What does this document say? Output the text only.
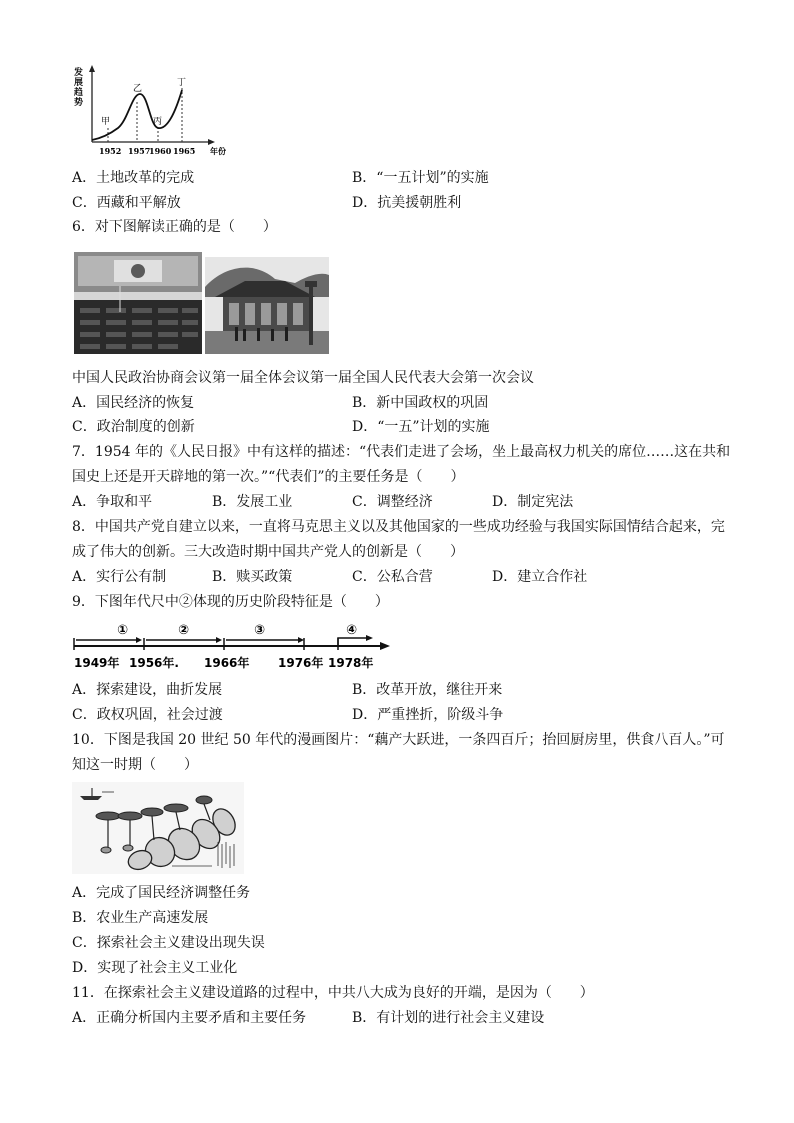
甲
乙
丙
丁
1952 1957
1960 1965 年份
发展趋势
A．土地改革的完成	B．“一五计划”的实施
C．西藏和平解放	D．抗美援朝胜利
6．对下图解读正确的是（　　）
中国人民政治协商会议第一届全体会议第一届全国人民代表大会第一次会议
A．国民经济的恢复	B．新中国政权的巩固
C．政治制度的创新	D．“一五”计划的实施
7．1954 年的《人民日报》中有这样的描述：“代表们走进了会场，坐上最高权力机关的席位……这在共和
国史上还是开天辟地的第一次。”“代表们”的主要任务是（　　）
A．争取和平	B．发展工业	C．调整经济	D．制定宪法
8．中国共产党自建立以来，一直将马克思主义以及其他国家的一些成功经验与我国实际国情结合起来，完
成了伟大的创新。三大改造时期中国共产党人的创新是（　　）
A．实行公有制	B．赎买政策	C．公私合营	D．建立合作社
9．下图年代尺中②体现的历史阶段特征是（　　）
①	②	③	④
1949年 1956年. 1966年 1976年 1978年
A．探索建设，曲折发展	B．改革开放，继往开来
C．政权巩固，社会过渡	D．严重挫折，阶级斗争
10．下图是我国 20 世纪 50 年代的漫画图片：“藕产大跃进，一条四百斤；抬回厨房里，供食八百人。”可
知这一时期（　　）
A．完成了国民经济调整任务
B．农业生产高速发展
C．探索社会主义建设出现失误
D．实现了社会主义工业化
11．在探索社会主义建设道路的过程中，中共八大成为良好的开端，是因为（　　）
A．正确分析国内主要矛盾和主要任务	B．有计划的进行社会主义建设
